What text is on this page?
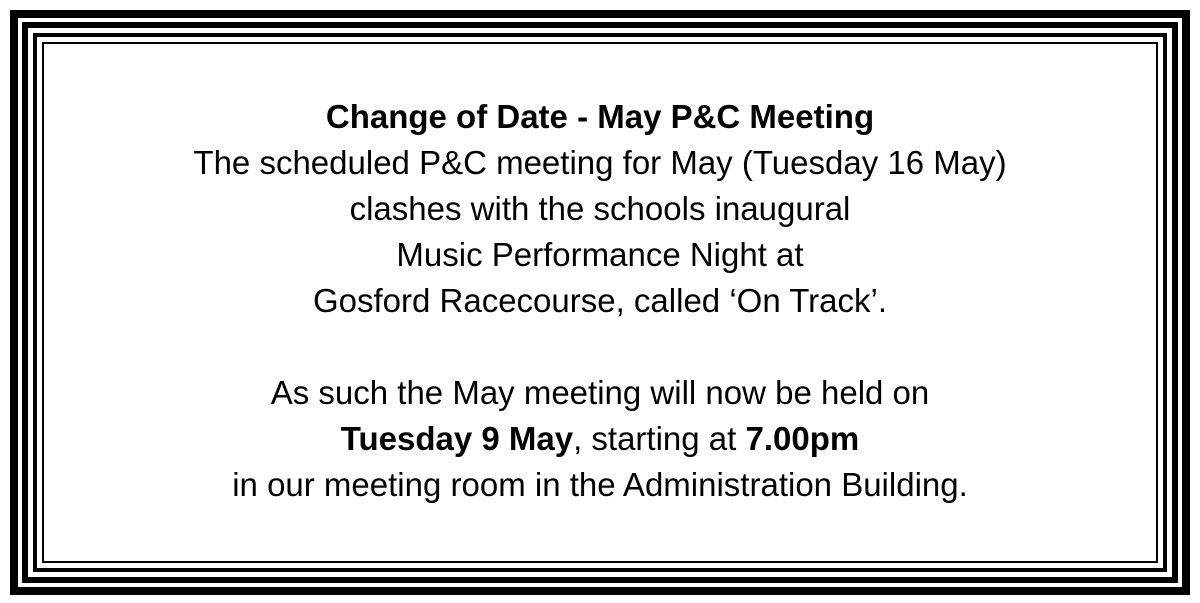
Change of Date - May P&C Meeting
The scheduled P&C meeting for May (Tuesday 16 May)
clashes with the schools inaugural
Music Performance Night at
Gosford Racecourse, called ‘On Track’.
As such the May meeting will now be held on
Tuesday 9 May, starting at 7.00pm
in our meeting room in the Administration Building.
